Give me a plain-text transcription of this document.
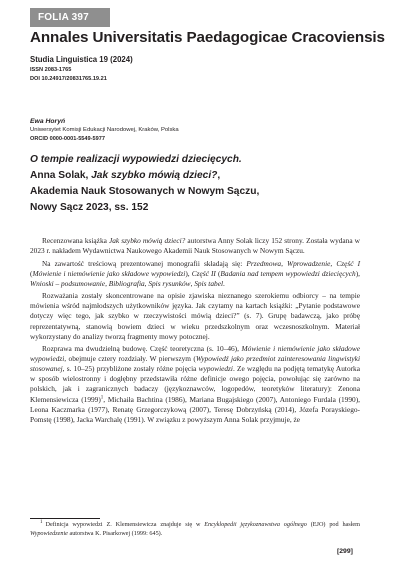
FOLIA 397
Annales Universitatis Paedagogicae Cracoviensis
Studia Linguistica 19 (2024)
ISSN 2083-1765
DOI 10.24917/20831765.19.21
Ewa Horyń
Uniwersytet Komisji Edukacji Narodowej, Kraków, Polska
ORCID 0000-0001-5549-5977
O tempie realizacji wypowiedzi dziecięcych.
Anna Solak, Jak szybko mówią dzieci?,
Akademia Nauk Stosowanych w Nowym Sączu,
Nowy Sącz 2023, ss. 152

Recenzowana książka Jak szybko mówią dzieci? autorstwa Anny Solak liczy 152 strony. Została wydana w 2023 r. nakładem Wydawnictwa Naukowego Akademii Nauk Stosowanych w Nowym Sączu.

Na zawartość treściową prezentowanej monografii składają się: Przedmowa, Wprowadzenie, Część I (Mówienie i niemówienie jako składowe wypowiedzi), Część II (Badania nad tempem wypowiedzi dziecięcych), Wnioski – podsumowanie, Bibliografia, Spis rysunków, Spis tabel.

Rozważania zostały skoncentrowane na opisie zjawiska nieznanego szerokiemu odbiorcy – na tempie mówienia wśród najmłodszych użytkowników języka. Jak czytamy na kartach książki: „Pytanie podstawowe dotyczy więc tego, jak szybko w rzeczywistości mówią dzieci?” (s. 7). Grupę badawczą, jako próbę reprezentatywną, stanowią bowiem dzieci w wieku przedszkolnym oraz wczesnoszkolnym. Materiał wykorzystany do analizy tworzą fragmenty mowy potocznej.

Rozprawa ma dwudzielną budowę. Część teoretyczna (s. 10–46), Mówienie i niemówienie jako składowe wypowiedzi, obejmuje cztery rozdziały. W pierwszym (Wypowiedź jako przedmiot zainteresowania lingwistyki stosowanej, s. 10–25) przybliżone zostały różne pojęcia wypowiedzi. Ze względu na podjętą tematykę Autorka w sposób wielostronny i dogłębny przedstawiła różne definicje owego pojęcia, powołując się zarówno na polskich, jak i zagranicznych badaczy (językoznawców, logopedów, teoretyków literatury): Zenona Klemensiewicza $(1999)^1$, Michaiła Bachtina (1986), Mariana Bugajskiego (2007), Antoniego Furdala (1990), Leona Kaczmarka (1977), Renatę Grzegorczykową (2007), Teresę Dobrzyńską (2014), Józefa Porayskiego-Pomstę (1998), Jacka Warchalę (1991). W związku z powyższym Anna Solak przyjmuje, że

$^1$ Definicja wypowiedzi Z. Klemensiewicza znajduje się w Encyklopedii językoznawstwa ogólnego (EJO) pod hasłem Wypowiedzenie autorstwa K. Pisarkowej (1999: 645).
[299]
